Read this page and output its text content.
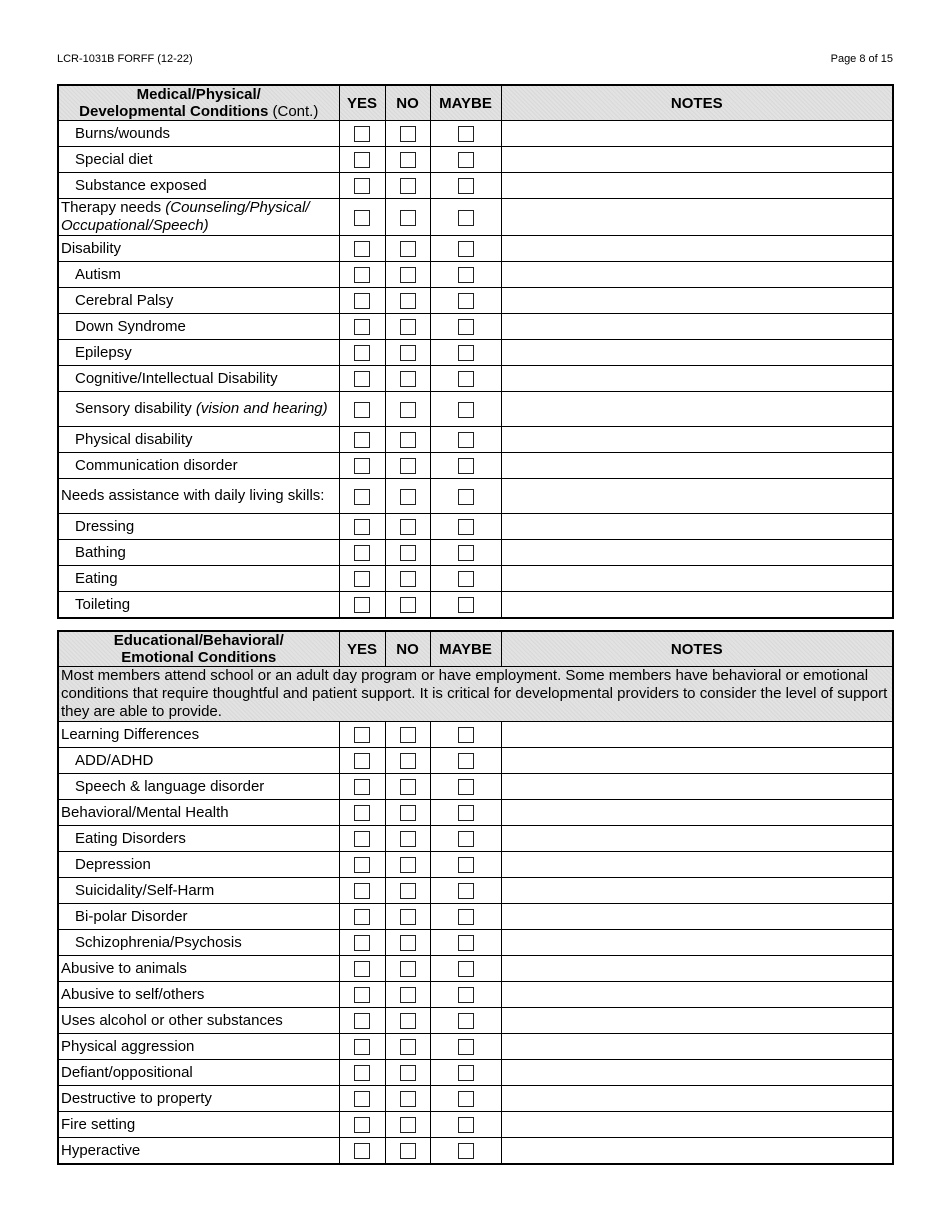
LCR-1031B FORFF (12-22)	Page 8 of 15
Medical/Physical/
Developmental Conditions (Cont.)	YES	NO	MAYBE	NOTES
Burns/wounds				
Special diet				
Substance exposed				
Therapy needs (Counseling/Physical/ Occupational/Speech)				
Disability				
Autism				
Cerebral Palsy				
Down Syndrome				
Epilepsy				
Cognitive/Intellectual Disability				
Sensory disability (vision and hearing)				
Physical disability				
Communication disorder				
Needs assistance with daily living skills:				
Dressing				
Bathing				
Eating				
Toileting				
Educational/Behavioral/
Emotional Conditions	YES	NO	MAYBE	NOTES
Most members attend school or an adult day program or have employment. Some members have behavioral or emotional conditions that require thoughtful and patient support. It is critical for developmental providers to consider the level of support they are able to provide.				
Learning Differences				
ADD/ADHD				
Speech & language disorder				
Behavioral/Mental Health				
Eating Disorders				
Depression				
Suicidality/Self-Harm				
Bi-polar Disorder				
Schizophrenia/Psychosis				
Abusive to animals				
Abusive to self/others				
Uses alcohol or other substances				
Physical aggression				
Defiant/oppositional				
Destructive to property				
Fire setting				
Hyperactive				
